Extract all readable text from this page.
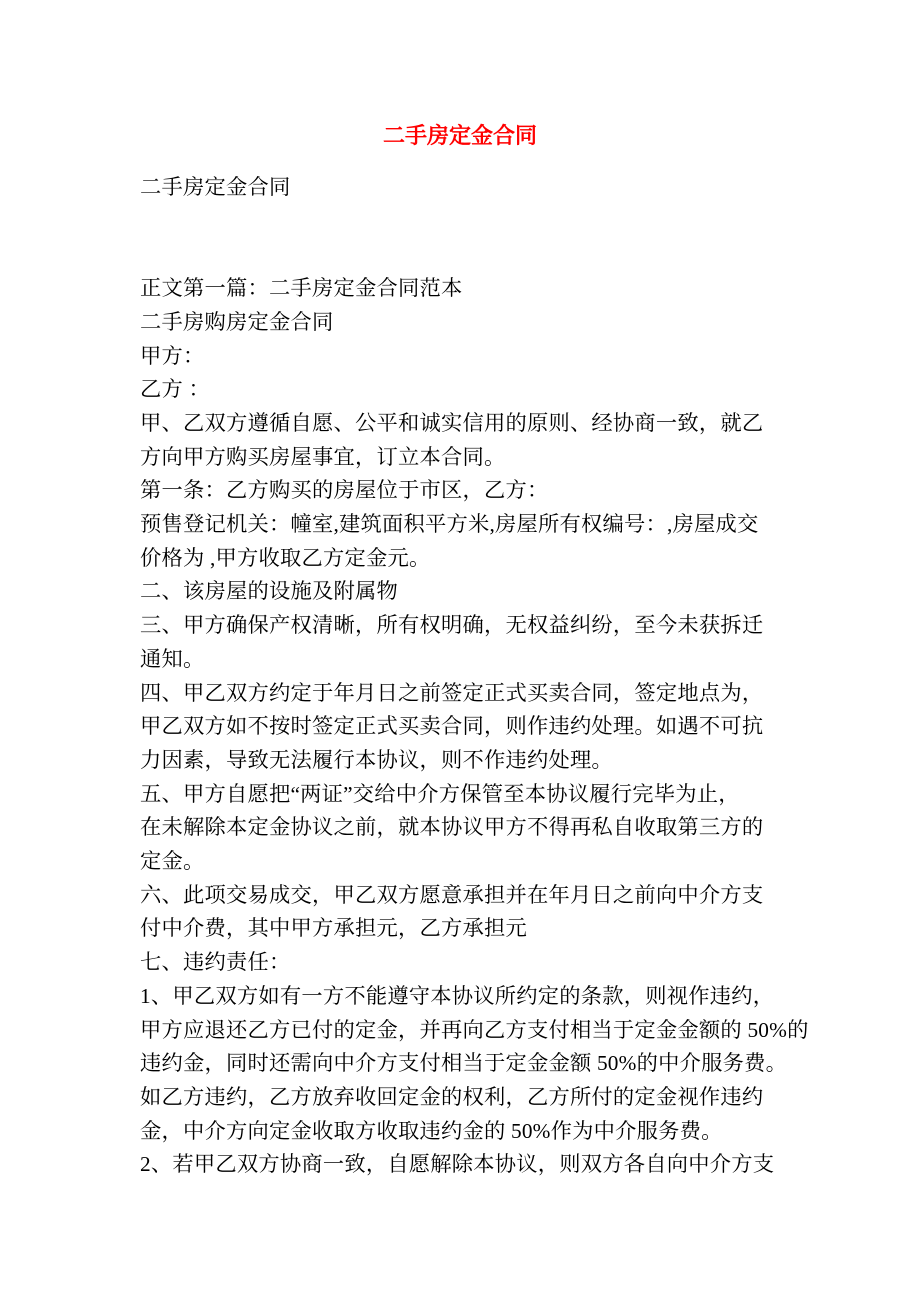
二手房定金合同
二手房定金合同

正文第一篇：二手房定金合同范本
二手房购房定金合同
甲方：
乙方 ：
甲、乙双方遵循自愿、公平和诚实信用的原则、经协商一致，就乙
方向甲方购买房屋事宜，订立本合同。
第一条：乙方购买的房屋位于市区，乙方：
预售登记机关：幢室,建筑面积平方米,房屋所有权编号：,房屋成交
价格为 ,甲方收取乙方定金元。
二、该房屋的设施及附属物
三、甲方确保产权清晰，所有权明确，无权益纠纷，至今未获拆迁
通知。
四、甲乙双方约定于年月日之前签定正式买卖合同，签定地点为，
甲乙双方如不按时签定正式买卖合同，则作违约处理。如遇不可抗
力因素，导致无法履行本协议，则不作违约处理。
五、甲方自愿把“两证”交给中介方保管至本协议履行完毕为止，
在未解除本定金协议之前，就本协议甲方不得再私自收取第三方的
定金。
六、此项交易成交，甲乙双方愿意承担并在年月日之前向中介方支
付中介费，其中甲方承担元，乙方承担元
七、违约责任：
1、甲乙双方如有一方不能遵守本协议所约定的条款，则视作违约，
甲方应退还乙方已付的定金，并再向乙方支付相当于定金金额的 50%的
违约金，同时还需向中介方支付相当于定金金额 50%的中介服务费。
如乙方违约，乙方放弃收回定金的权利，乙方所付的定金视作违约
金，中介方向定金收取方收取违约金的 50%作为中介服务费。
2、若甲乙双方协商一致，自愿解除本协议，则双方各自向中介方支
